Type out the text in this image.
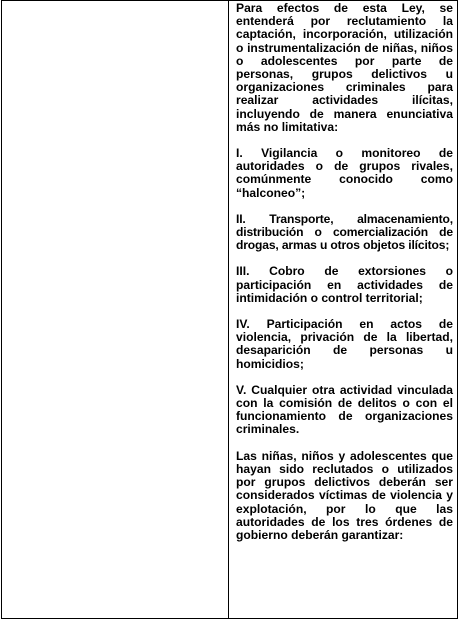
Para efectos de esta Ley, se entenderá por reclutamiento la captación, incorporación, utilización o instrumentalización de niñas, niños o adolescentes por parte de personas, grupos delictivos u organizaciones criminales para realizar actividades ilícitas, incluyendo de manera enunciativa más no limitativa:

I. Vigilancia o monitoreo de autoridades o de grupos rivales, comúnmente conocido como “halconeo”;

II. Transporte, almacenamiento, distribución o comercialización de drogas, armas u otros objetos ilícitos;

III. Cobro de extorsiones o participación en actividades de intimidación o control territorial;

IV. Participación en actos de violencia, privación de la libertad, desaparición de personas u homicidios;

V. Cualquier otra actividad vinculada con la comisión de delitos o con el funcionamiento de organizaciones criminales.

Las niñas, niños y adolescentes que hayan sido reclutados o utilizados por grupos delictivos deberán ser considerados víctimas de violencia y explotación, por lo que las autoridades de los tres órdenes de gobierno deberán garantizar:
